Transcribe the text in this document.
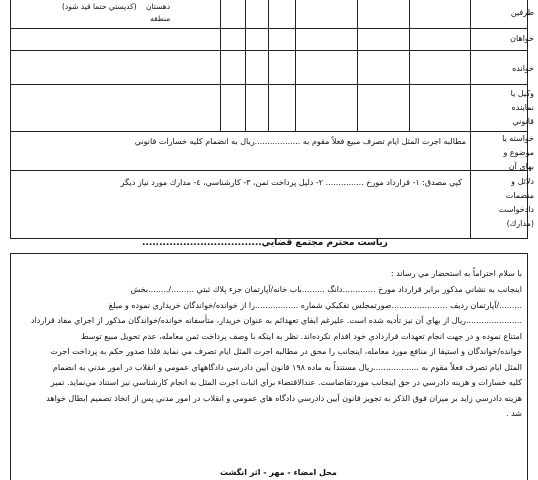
دهستان
(كدپستي حتما قيد شود)
منطقه
طرفين
خواهان
خوانده
وكيل يا
نماينده
قانوني
خواسته يا
موضوع و
بهاي آن
مطالبه اجرت المثل ايام تصرف مبيع فعلاً مقوم به ..................ريال به انضمام كليه خسارات قانوني
دلائل و
منضمات
دادخواست
(مدارك)
كپي مصدق: ١- قرارداد مورخ ............... ٢- دليل پرداخت ثمن، ٣- كارشناسي، ٤- مدارك مورد نياز ديگر
رياست محترم مجتمع قضايي...................................
با سلام احتراماً به استحضار مي رساند :
اينجانب به نشاني مذكور برابر قرارداد مورخ .............دانگ .........باب خانه/آپارتمان جزء پلاك ثبتي ........./........بخش
........./آپارتمان رديف ......................صورتمجلس تفكيكي شماره .................را از خوانده/خواندگان خريداري نموده و مبلغ
......................ريال از بهاي آن نيز تأديه شده است. عليرغم ايفاي تعهدائم به عنوان خريدار، متأسفانه خوانده/خواندگان مذكور از اجراي مفاد قرارداد
امتناع نموده و در جهت انجام تعهدات قراردادي خود اقدام نكرده‌اند. نظر به اينكه با وصف پرداخت ثمن معامله، عدم تحويل مبيع توسط
خوانده/خواندگان و استيفا از منافع مورد معامله، اينجانب را محق در مطالبه اجرت المثل ايام تصرف مي نمايد فلذا صدور حكم به پرداخت اجرت
المثل ايام تصرف فعلاً مقوم به ..................ريال مستنداً به ماده ١٩٨ قانون آيين دادرسي دادگاههاي عمومي و انقلاب در امور مدني به انضمام
كليه خسارات و هزينه دادرسي در حق اينجانب موردتقاضاست. عندالاقتضاء براي اثبات اجرت المثل به انجام كارشناسي نيز استناد مي‌نمايد. تمبر
هزينه دادرسي زايد بر ميزان فوق الذكر به تجويز قانون آيين دادرسي دادگاه هاي عمومي و انقلاب در امور مدني پس از اتخاذ تصميم ابطال خواهد
شد .
محل امضاء - مهر - اثر انگشت
